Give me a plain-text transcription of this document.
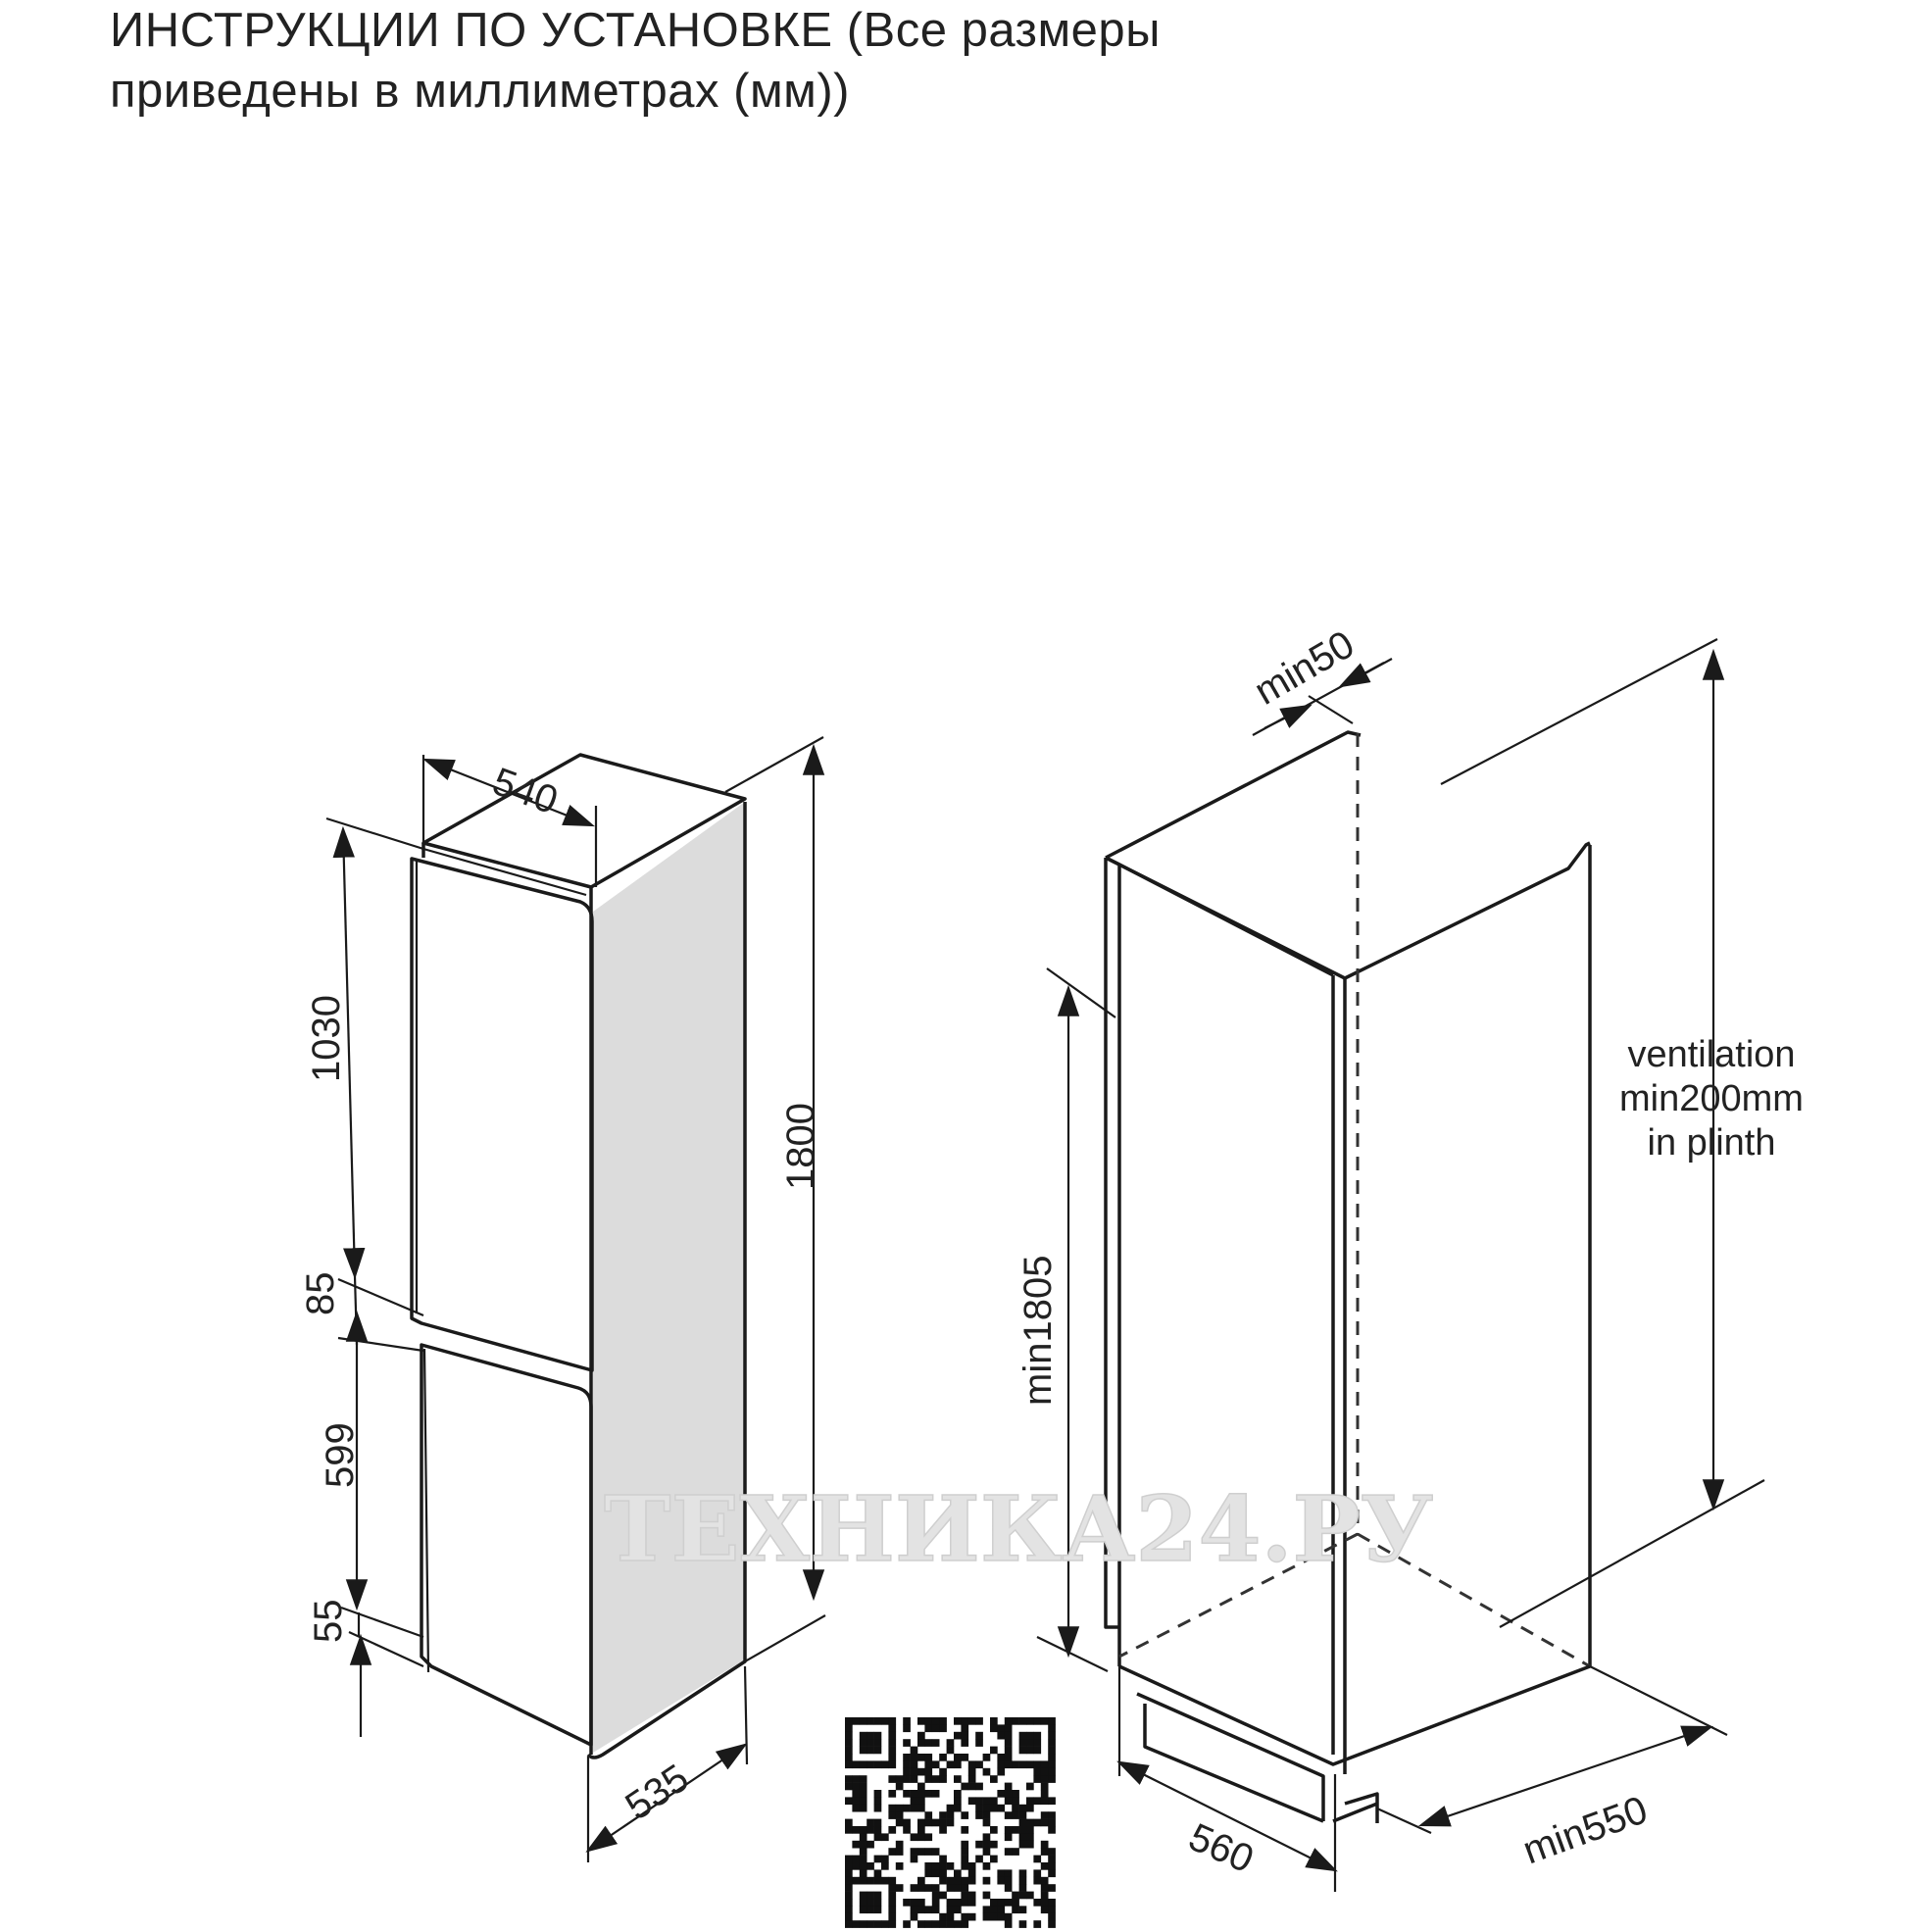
ИНСТРУКЦИИ ПО УСТАНОВКЕ (Все размеры
приведены в миллиметрах (мм))
540
1800
1030
85
599
55
535
min50
min1805
ventilation
min200mm
in plinth
560	min550
ТЕХНИКА24.РУ
